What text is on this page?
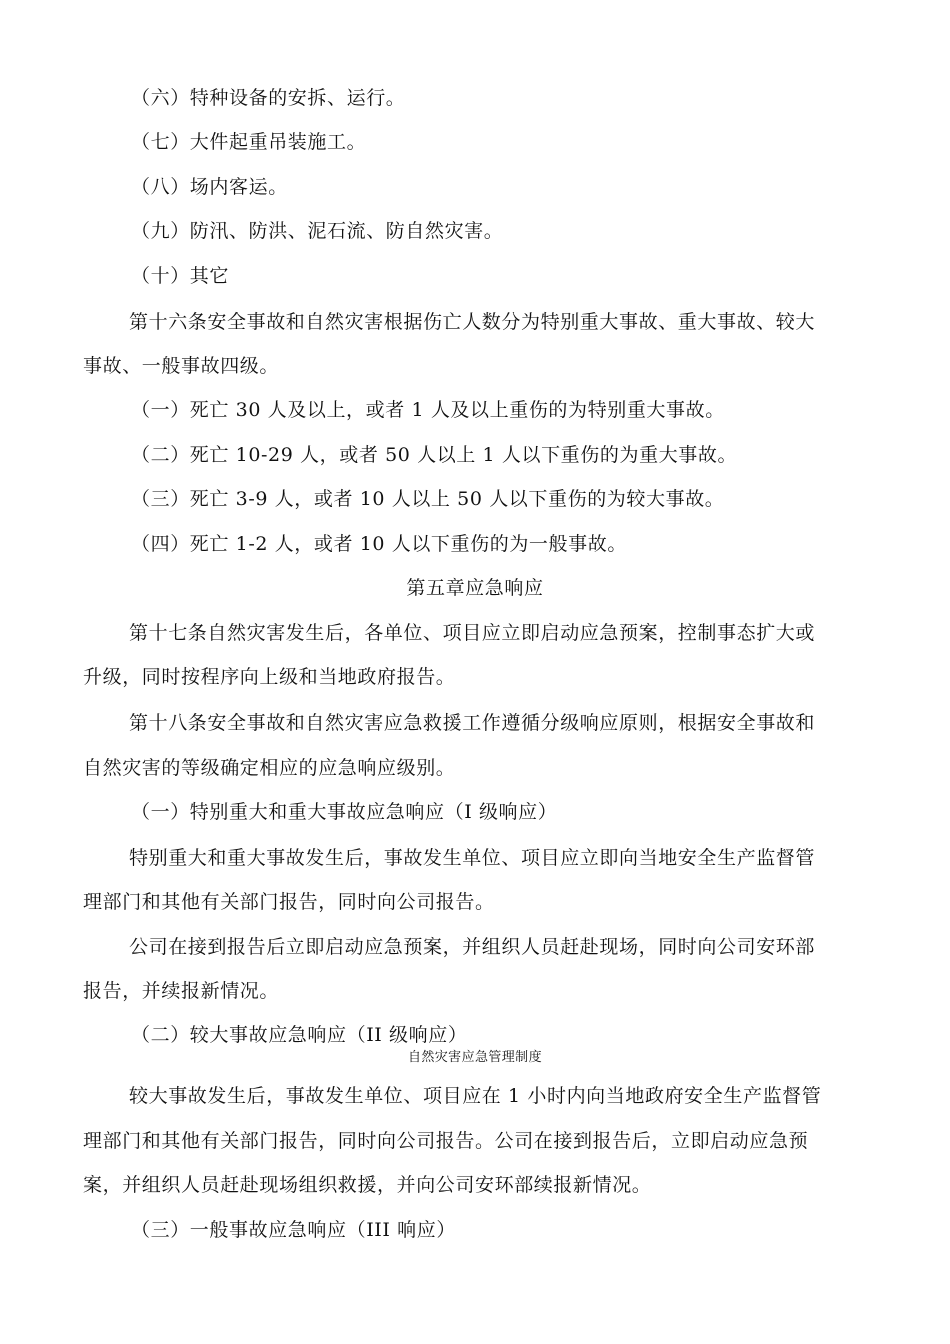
（六）特种设备的安拆、运行。
（七）大件起重吊装施工。
（八）场内客运。
（九）防汛、防洪、泥石流、防自然灾害。
（十）其它
第十六条安全事故和自然灾害根据伤亡人数分为特别重大事故、重大事故、较大
事故、一般事故四级。
（一）死亡 30 人及以上，或者 1 人及以上重伤的为特别重大事故。
（二）死亡 10-29 人，或者 50 人以上 1 人以下重伤的为重大事故。
（三）死亡 3-9 人，或者 10 人以上 50 人以下重伤的为较大事故。
（四）死亡 1-2 人，或者 10 人以下重伤的为一般事故。
第五章应急响应
第十七条自然灾害发生后，各单位、项目应立即启动应急预案，控制事态扩大或
升级，同时按程序向上级和当地政府报告。
第十八条安全事故和自然灾害应急救援工作遵循分级响应原则，根据安全事故和
自然灾害的等级确定相应的应急响应级别。
（一）特别重大和重大事故应急响应（I 级响应）
特别重大和重大事故发生后，事故发生单位、项目应立即向当地安全生产监督管
理部门和其他有关部门报告，同时向公司报告。
公司在接到报告后立即启动应急预案，并组织人员赶赴现场，同时向公司安环部
报告，并续报新情况。
（二）较大事故应急响应（II 级响应）
自然灾害应急管理制度
较大事故发生后，事故发生单位、项目应在 1 小时内向当地政府安全生产监督管
理部门和其他有关部门报告，同时向公司报告。公司在接到报告后，立即启动应急预
案，并组织人员赶赴现场组织救援，并向公司安环部续报新情况。
（三）一般事故应急响应（III 响应）
